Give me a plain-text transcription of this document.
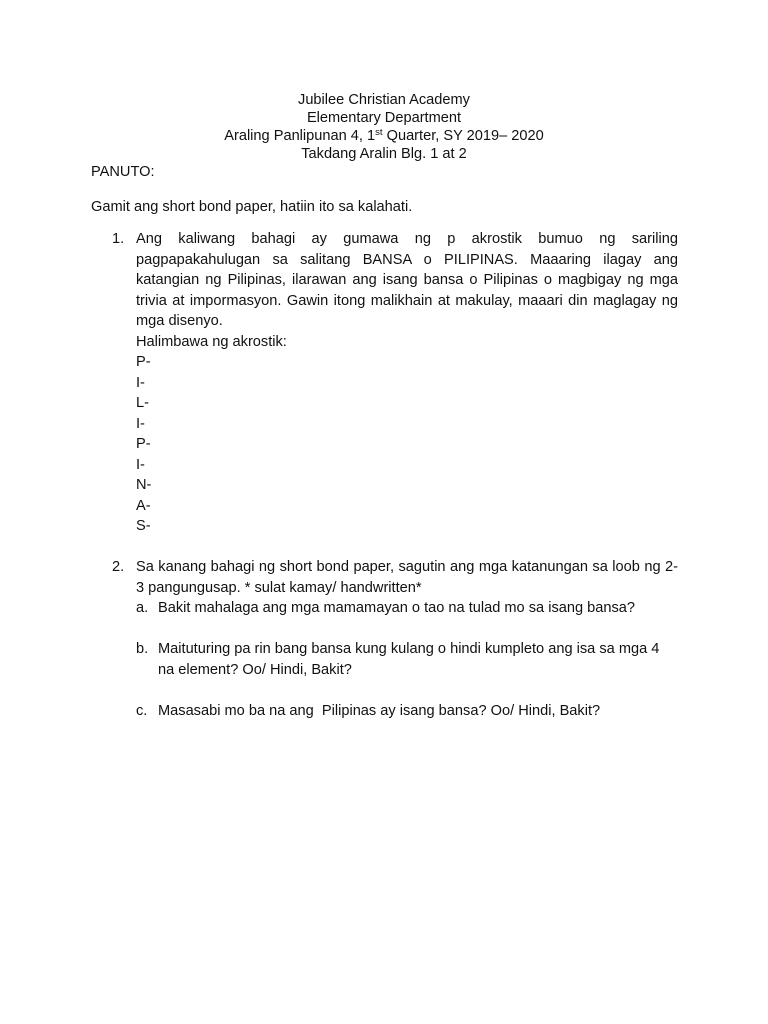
Jubilee Christian Academy
Elementary Department
Araling Panlipunan 4, 1st Quarter, SY 2019– 2020
Takdang Aralin Blg. 1 at 2
PANUTO:
Gamit ang short bond paper, hatiin ito sa kalahati.
1. Ang kaliwang bahagi ay gumawa ng p akrostik bumuo ng sariling pagpapakahulugan sa salitang BANSA o PILIPINAS. Maaaring ilagay ang katangian ng Pilipinas, ilarawan ang isang bansa o Pilipinas o magbigay ng mga trivia at impormasyon. Gawin itong malikhain at makulay, maaari din maglagay ng mga disenyo.
Halimbawa ng akrostik:
P-
I-
L-
I-
P-
I-
N-
A-
S-
2. Sa kanang bahagi ng short bond paper, sagutin ang mga katanungan sa loob ng 2-3 pangungusap. * sulat kamay/ handwritten*
a. Bakit mahalaga ang mga mamamayan o tao na tulad mo sa isang bansa?
b. Maituturing pa rin bang bansa kung kulang o hindi kumpleto ang isa sa mga 4 na element? Oo/ Hindi, Bakit?
c. Masasabi mo ba na ang  Pilipinas ay isang bansa? Oo/ Hindi, Bakit?
